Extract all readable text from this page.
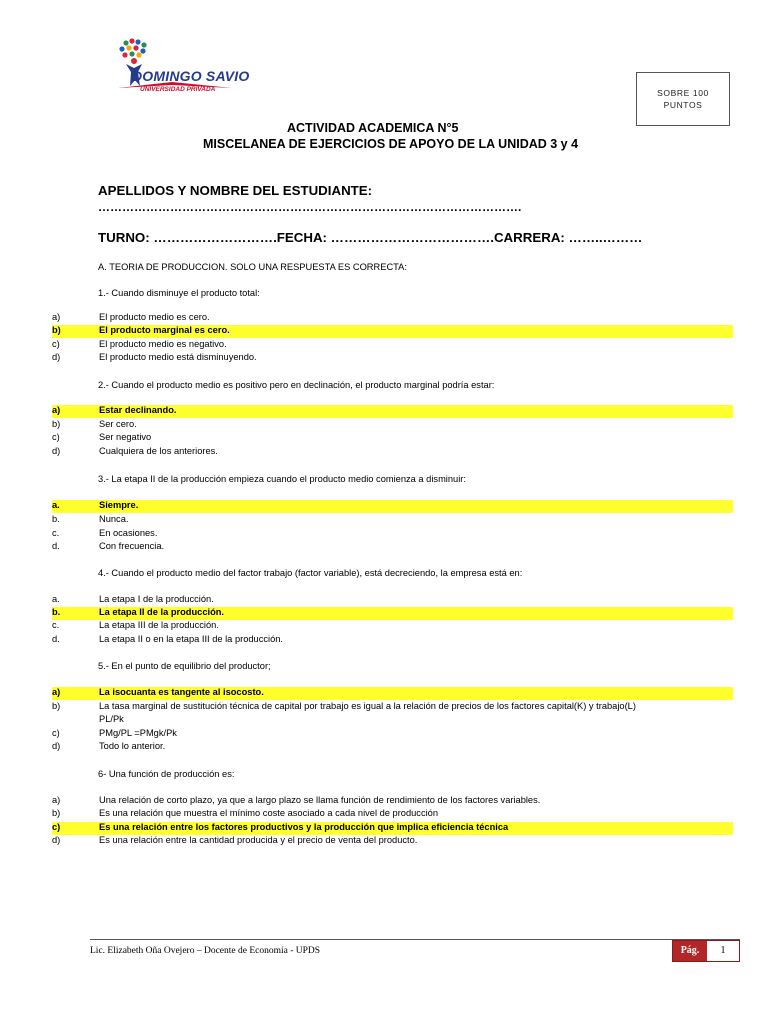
DOMINGO SAVIO
UNIVERSIDAD PRIVADA	SOBRE 100
PUNTOS
ACTIVIDAD ACADEMICA N°5
MISCELANEA DE EJERCICIOS DE APOYO DE LA UNIDAD 3 y 4
APELLIDOS Y NOMBRE DEL ESTUDIANTE:
…………………………………………………………………………………………….
TURNO: ……………………….FECHA: ……………………………….CARRERA: ……..………
A. TEORIA DE PRODUCCION. SOLO UNA RESPUESTA ES CORRECTA:
1.- Cuando disminuye el producto total:
a)	El producto medio es cero.
b)	El producto marginal es cero.
c)	El producto medio es negativo.
d)	El producto medio está disminuyendo.
2.- Cuando el producto medio es positivo pero en declinación, el producto marginal podría estar:
a)	Estar declinando.
b)	Ser cero.
c)	Ser negativo
d)	Cualquiera de los anteriores.
3.- La etapa II de la producción empieza cuando el producto medio comienza a disminuir:
a.	Siempre.
b.	Nunca.
c.	En ocasiones.
d.	Con frecuencia.
4.- Cuando el producto medio del factor trabajo (factor variable), está decreciendo, la empresa está en:
a.	La etapa I de la producción.
b.	La etapa II de la producción.
c.	La etapa III de la producción.
d.	La etapa II o en la etapa III de la producción.
5.- En el punto de equilibrio del productor;
a)	La isocuanta es tangente al isocosto.
b)	La tasa marginal de sustitución técnica de capital por trabajo es igual a la relación de precios de los factores capital(K) y trabajo(L)
PL/Pk
c)	PMg/PL =PMgk/Pk
d)	Todo lo anterior.
6- Una función de producción es:
a)	Una relación de corto plazo, ya que a largo plazo se llama función de rendimiento de los factores variables.
b)	Es una relación que muestra el mínimo coste asociado a cada nivel de producción
c)	Es una relación entre los factores productivos y la producción que implica eficiencia técnica
d)	Es una relación entre la cantidad producida y el precio de venta del producto.
Lic. Elizabeth Oña Ovejero – Docente de Economía - UPDS	Pág.	1
